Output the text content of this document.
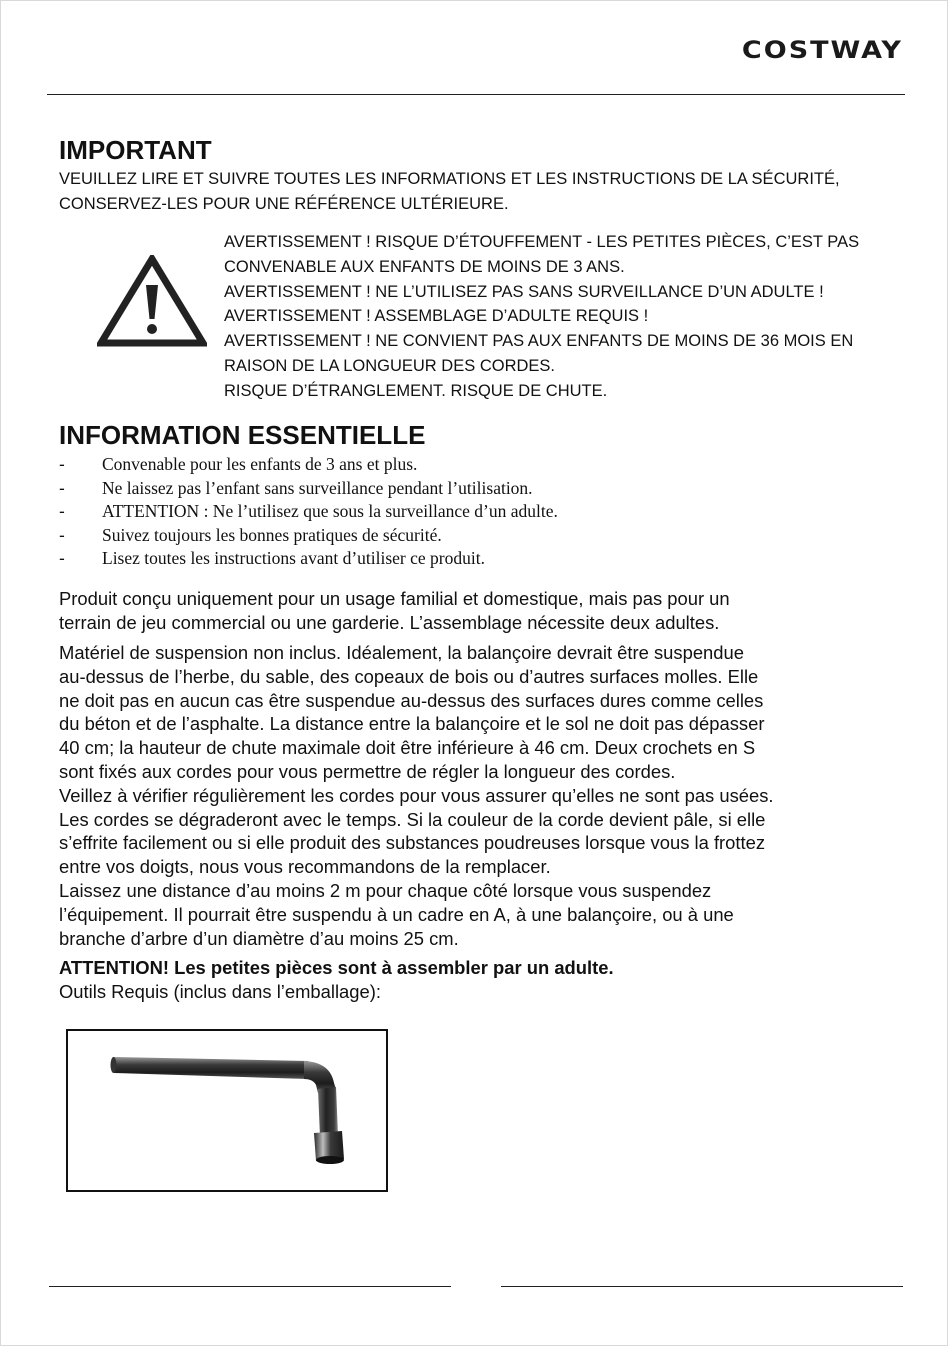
COSTWAY
IMPORTANT

VEUILLEZ LIRE ET SUIVRE TOUTES LES INFORMATIONS ET LES INSTRUCTIONS DE LA SÉCURITÉ,
CONSERVEZ-LES POUR UNE RÉFÉRENCE ULTÉRIEURE.

AVERTISSEMENT ! RISQUE D’ÉTOUFFEMENT - LES PETITES PIÈCES, C’EST PAS
CONVENABLE AUX ENFANTS DE MOINS DE 3 ANS.
AVERTISSEMENT ! NE L’UTILISEZ PAS SANS SURVEILLANCE D’UN ADULTE !
AVERTISSEMENT ! ASSEMBLAGE D’ADULTE REQUIS !
AVERTISSEMENT ! NE CONVIENT PAS AUX ENFANTS DE MOINS DE 36 MOIS EN
RAISON DE LA LONGUEUR DES CORDES.
RISQUE D’ÉTRANGLEMENT. RISQUE DE CHUTE.
INFORMATION ESSENTIELLE
- Convenable pour les enfants de 3 ans et plus.
- Ne laissez pas l’enfant sans surveillance pendant l’utilisation.
- ATTENTION : Ne l’utilisez que sous la surveillance d’un adulte.
- Suivez toujours les bonnes pratiques de sécurité.
- Lisez toutes les instructions avant d’utiliser ce produit.
Produit conçu uniquement pour un usage familial et domestique, mais pas pour un
terrain de jeu commercial ou une garderie. L’assemblage nécessite deux adultes.
Matériel de suspension non inclus. Idéalement, la balançoire devrait être suspendue
au-dessus de l’herbe, du sable, des copeaux de bois ou d’autres surfaces molles. Elle
ne doit pas en aucun cas être suspendue au-dessus des surfaces dures comme celles
du béton et de l’asphalte. La distance entre la balançoire et le sol ne doit pas dépasser
40 cm; la hauteur de chute maximale doit être inférieure à 46 cm. Deux crochets en S
sont fixés aux cordes pour vous permettre de régler la longueur des cordes.
Veillez à vérifier régulièrement les cordes pour vous assurer qu’elles ne sont pas usées.
Les cordes se dégraderont avec le temps. Si la couleur de la corde devient pâle, si elle
s’effrite facilement ou si elle produit des substances poudreuses lorsque vous la frottez
entre vos doigts, nous vous recommandons de la remplacer.
Laissez une distance d’au moins 2 m pour chaque côté lorsque vous suspendez
l’équipement. Il pourrait être suspendu à un cadre en A, à une balançoire, ou à une
branche d’arbre d’un diamètre d’au moins 25 cm.
ATTENTION! Les petites pièces sont à assembler par un adulte.
Outils Requis (inclus dans l’emballage):
